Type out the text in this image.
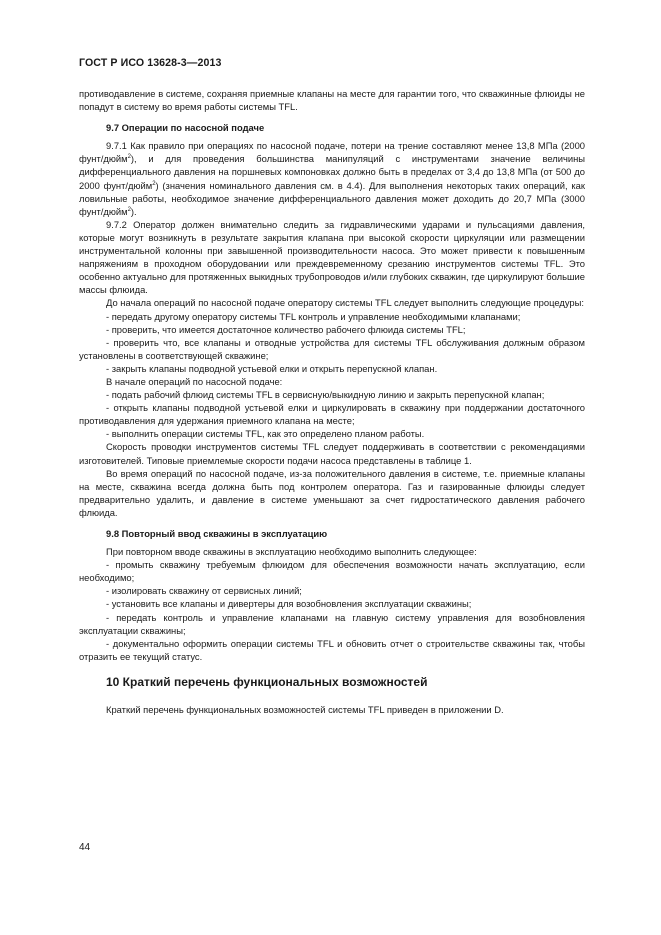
ГОСТ Р ИСО 13628-3—2013

противодавление в системе, сохраняя приемные клапаны на месте для гарантии того, что скважинные флюиды не попадут в систему во время работы системы TFL.

9.7 Операции по насосной подаче

9.7.1 Как правило при операциях по насосной подаче, потери на трение составляют менее 13,8 МПа (2000 фунт/дюйм$^2$), и для проведения большинства манипуляций с инструментами значение величины дифференциального давления на поршневых компоновках должно быть в пределах от 3,4 до 13,8 МПа (от 500 до 2000 фунт/дюйм$^2$) (значения номинального давления см. в 4.4). Для выполнения некоторых таких операций, как ловильные работы, необходимое значение дифференциального давления может доходить до 20,7 МПа (3000 фунт/дюйм$^2$).

9.7.2 Оператор должен внимательно следить за гидравлическими ударами и пульсациями давления, которые могут возникнуть в результате закрытия клапана при высокой скорости циркуляции или размещении инструментальной колонны при завышенной производительности насоса. Это может привести к повышенным напряжениям в проходном оборудовании или преждевременному срезанию инструментов системы TFL. Это особенно актуально для протяженных выкидных трубопроводов и/или глубоких скважин, где циркулируют большие массы флюида.

До начала операций по насосной подаче оператору системы TFL следует выполнить следующие процедуры:

- передать другому оператору системы TFL контроль и управление необходимыми клапанами;

- проверить, что имеется достаточное количество рабочего флюида системы TFL;

- проверить что, все клапаны и отводные устройства для системы TFL обслуживания должным образом установлены в соответствующей скважине;

- закрыть клапаны подводной устьевой елки и открыть перепускной клапан.

В начале операций по насосной подаче:

- подать рабочий флюид системы TFL в сервисную/выкидную линию и закрыть перепускной клапан;

- открыть клапаны подводной устьевой елки и циркулировать в скважину при поддержании достаточного противодавления для удержания приемного клапана на месте;

- выполнить операции системы TFL, как это определено планом работы.

Скорость проводки инструментов системы TFL следует поддерживать в соответствии с рекомендациями изготовителей. Типовые приемлемые скорости подачи насоса представлены в таблице 1.

Во время операций по насосной подаче, из-за положительного давления в системе, т.е. приемные клапаны на месте, скважина всегда должна быть под контролем оператора. Газ и газированные флюиды следует предварительно удалить, и давление в системе уменьшают за счет гидростатического давления рабочего флюида.

9.8 Повторный ввод скважины в эксплуатацию

При повторном вводе скважины в эксплуатацию необходимо выполнить следующее:

- промыть скважину требуемым флюидом для обеспечения возможности начать эксплуатацию, если необходимо;

- изолировать скважину от сервисных линий;

- установить все клапаны и дивертеры для возобновления эксплуатации скважины;

- передать контроль и управление клапанами на главную систему управления для возобновления эксплуатации скважины;

- документально оформить операции системы TFL и обновить отчет о строительстве скважины так, чтобы отразить ее текущий статус.

10 Краткий перечень функциональных возможностей

Краткий перечень функциональных возможностей системы TFL приведен в приложении D.

44
